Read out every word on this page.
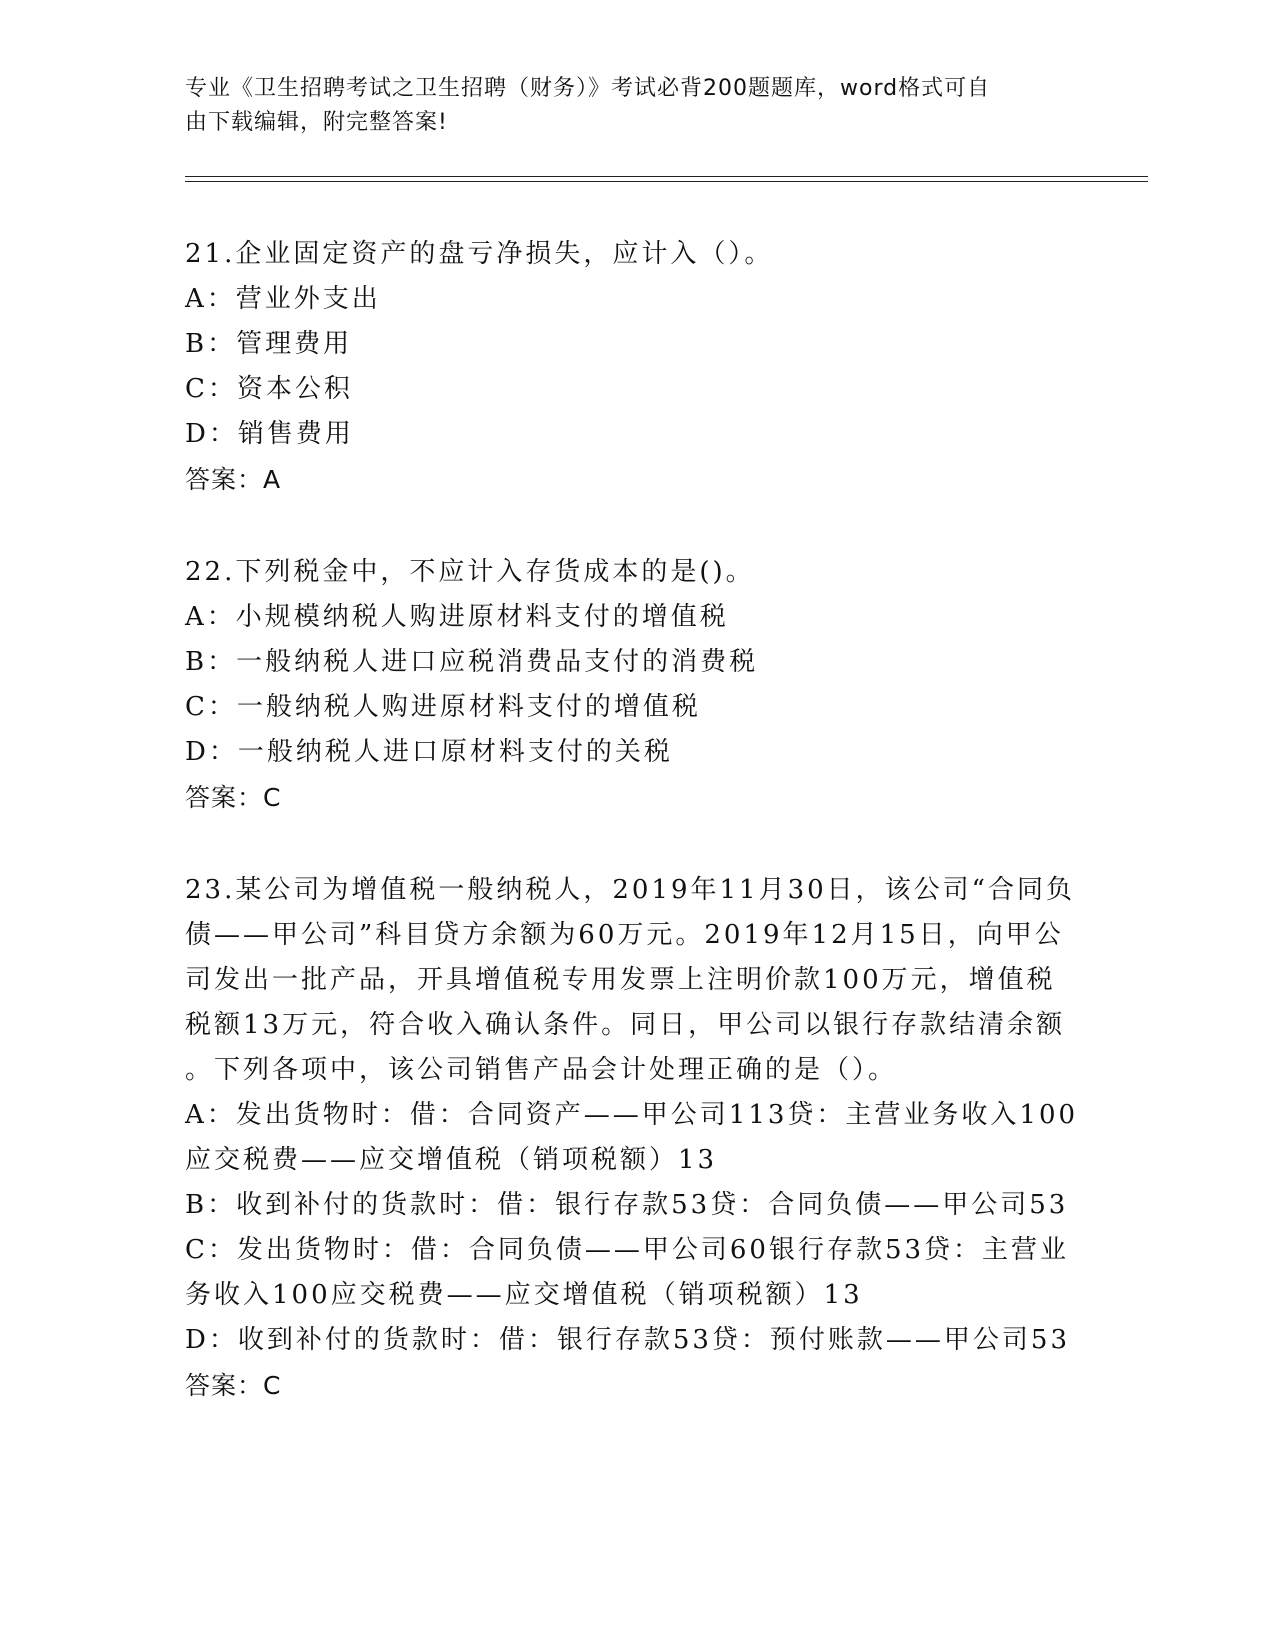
专业《卫生招聘考试之卫生招聘（财务）》考试必背200题题库，word格式可自
由下载编辑，附完整答案!
21.企业固定资产的盘亏净损失，应计入（）。
A：营业外支出
B：管理费用
C：资本公积
D：销售费用
答案：A
22.下列税金中，不应计入存货成本的是()。
A：小规模纳税人购进原材料支付的增值税
B：一般纳税人进口应税消费品支付的消费税
C：一般纳税人购进原材料支付的增值税
D：一般纳税人进口原材料支付的关税
答案：C
23.某公司为增值税一般纳税人，2019年11月30日，该公司“合同负
债——甲公司”科目贷方余额为60万元。2019年12月15日，向甲公
司发出一批产品，开具增值税专用发票上注明价款100万元，增值税
税额13万元，符合收入确认条件。同日，甲公司以银行存款结清余额
。下列各项中，该公司销售产品会计处理正确的是（）。
A：发出货物时：借：合同资产——甲公司113贷：主营业务收入100
应交税费——应交增值税（销项税额）13
B：收到补付的货款时：借：银行存款53贷：合同负债——甲公司53
C：发出货物时：借：合同负债——甲公司60银行存款53贷：主营业
务收入100应交税费——应交增值税（销项税额）13
D：收到补付的货款时：借：银行存款53贷：预付账款——甲公司53
答案：C
